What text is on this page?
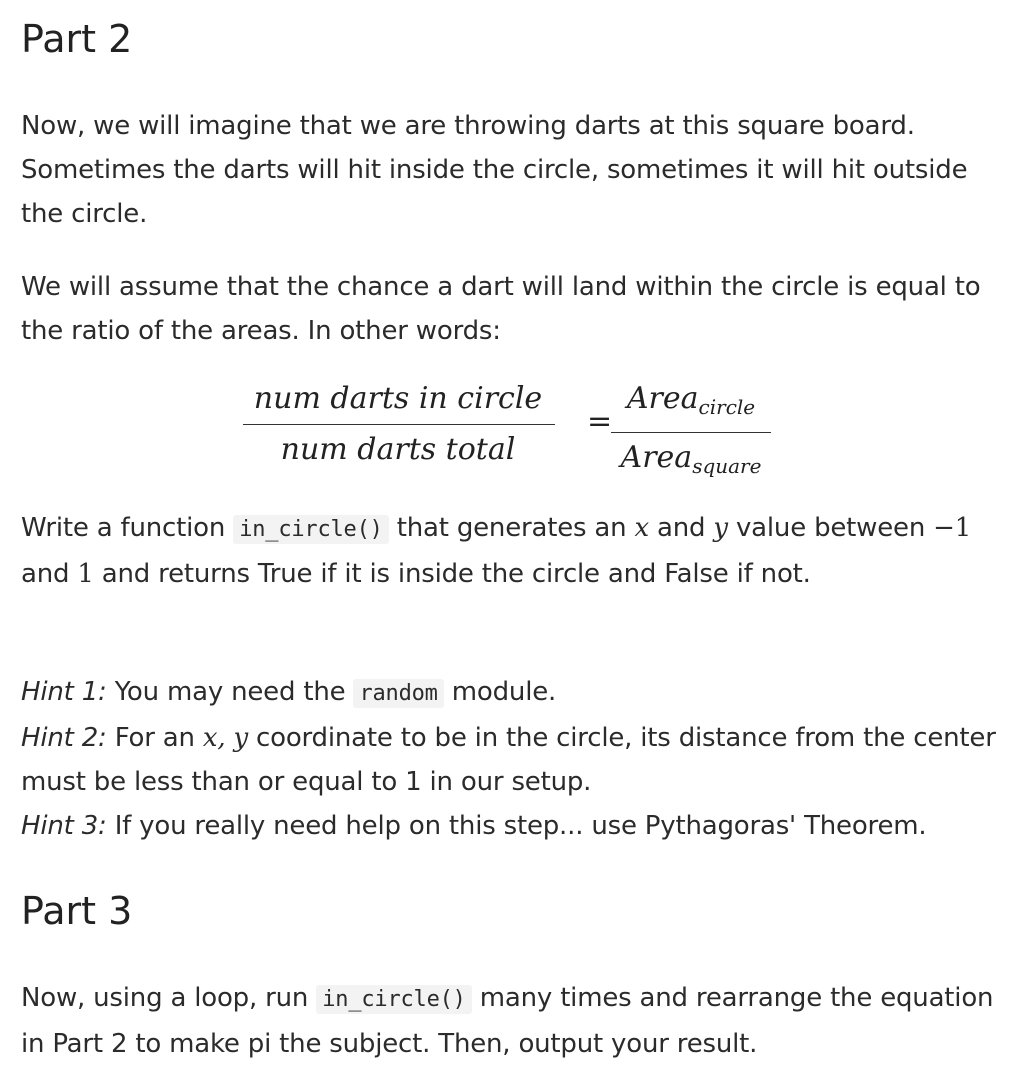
Part 2

Now, we will imagine that we are throwing darts at this square board. Sometimes the darts will hit inside the circle, sometimes it will hit outside the circle.

We will assume that the chance a dart will land within the circle is equal to the ratio of the areas. In other words:

num darts in circle
num darts total
=
Area$_{circle}$
Area$_{square}$

Write a function in_circle() that generates an x and y value between −1 and 1 and returns True if it is inside the circle and False if not.

Hint 1: You may need the random module.
Hint 2: For an x, y coordinate to be in the circle, its distance from the center must be less than or equal to 1 in our setup.
Hint 3: If you really need help on this step... use Pythagoras' Theorem.

Part 3

Now, using a loop, run in_circle() many times and rearrange the equation in Part 2 to make pi the subject. Then, output your result.
